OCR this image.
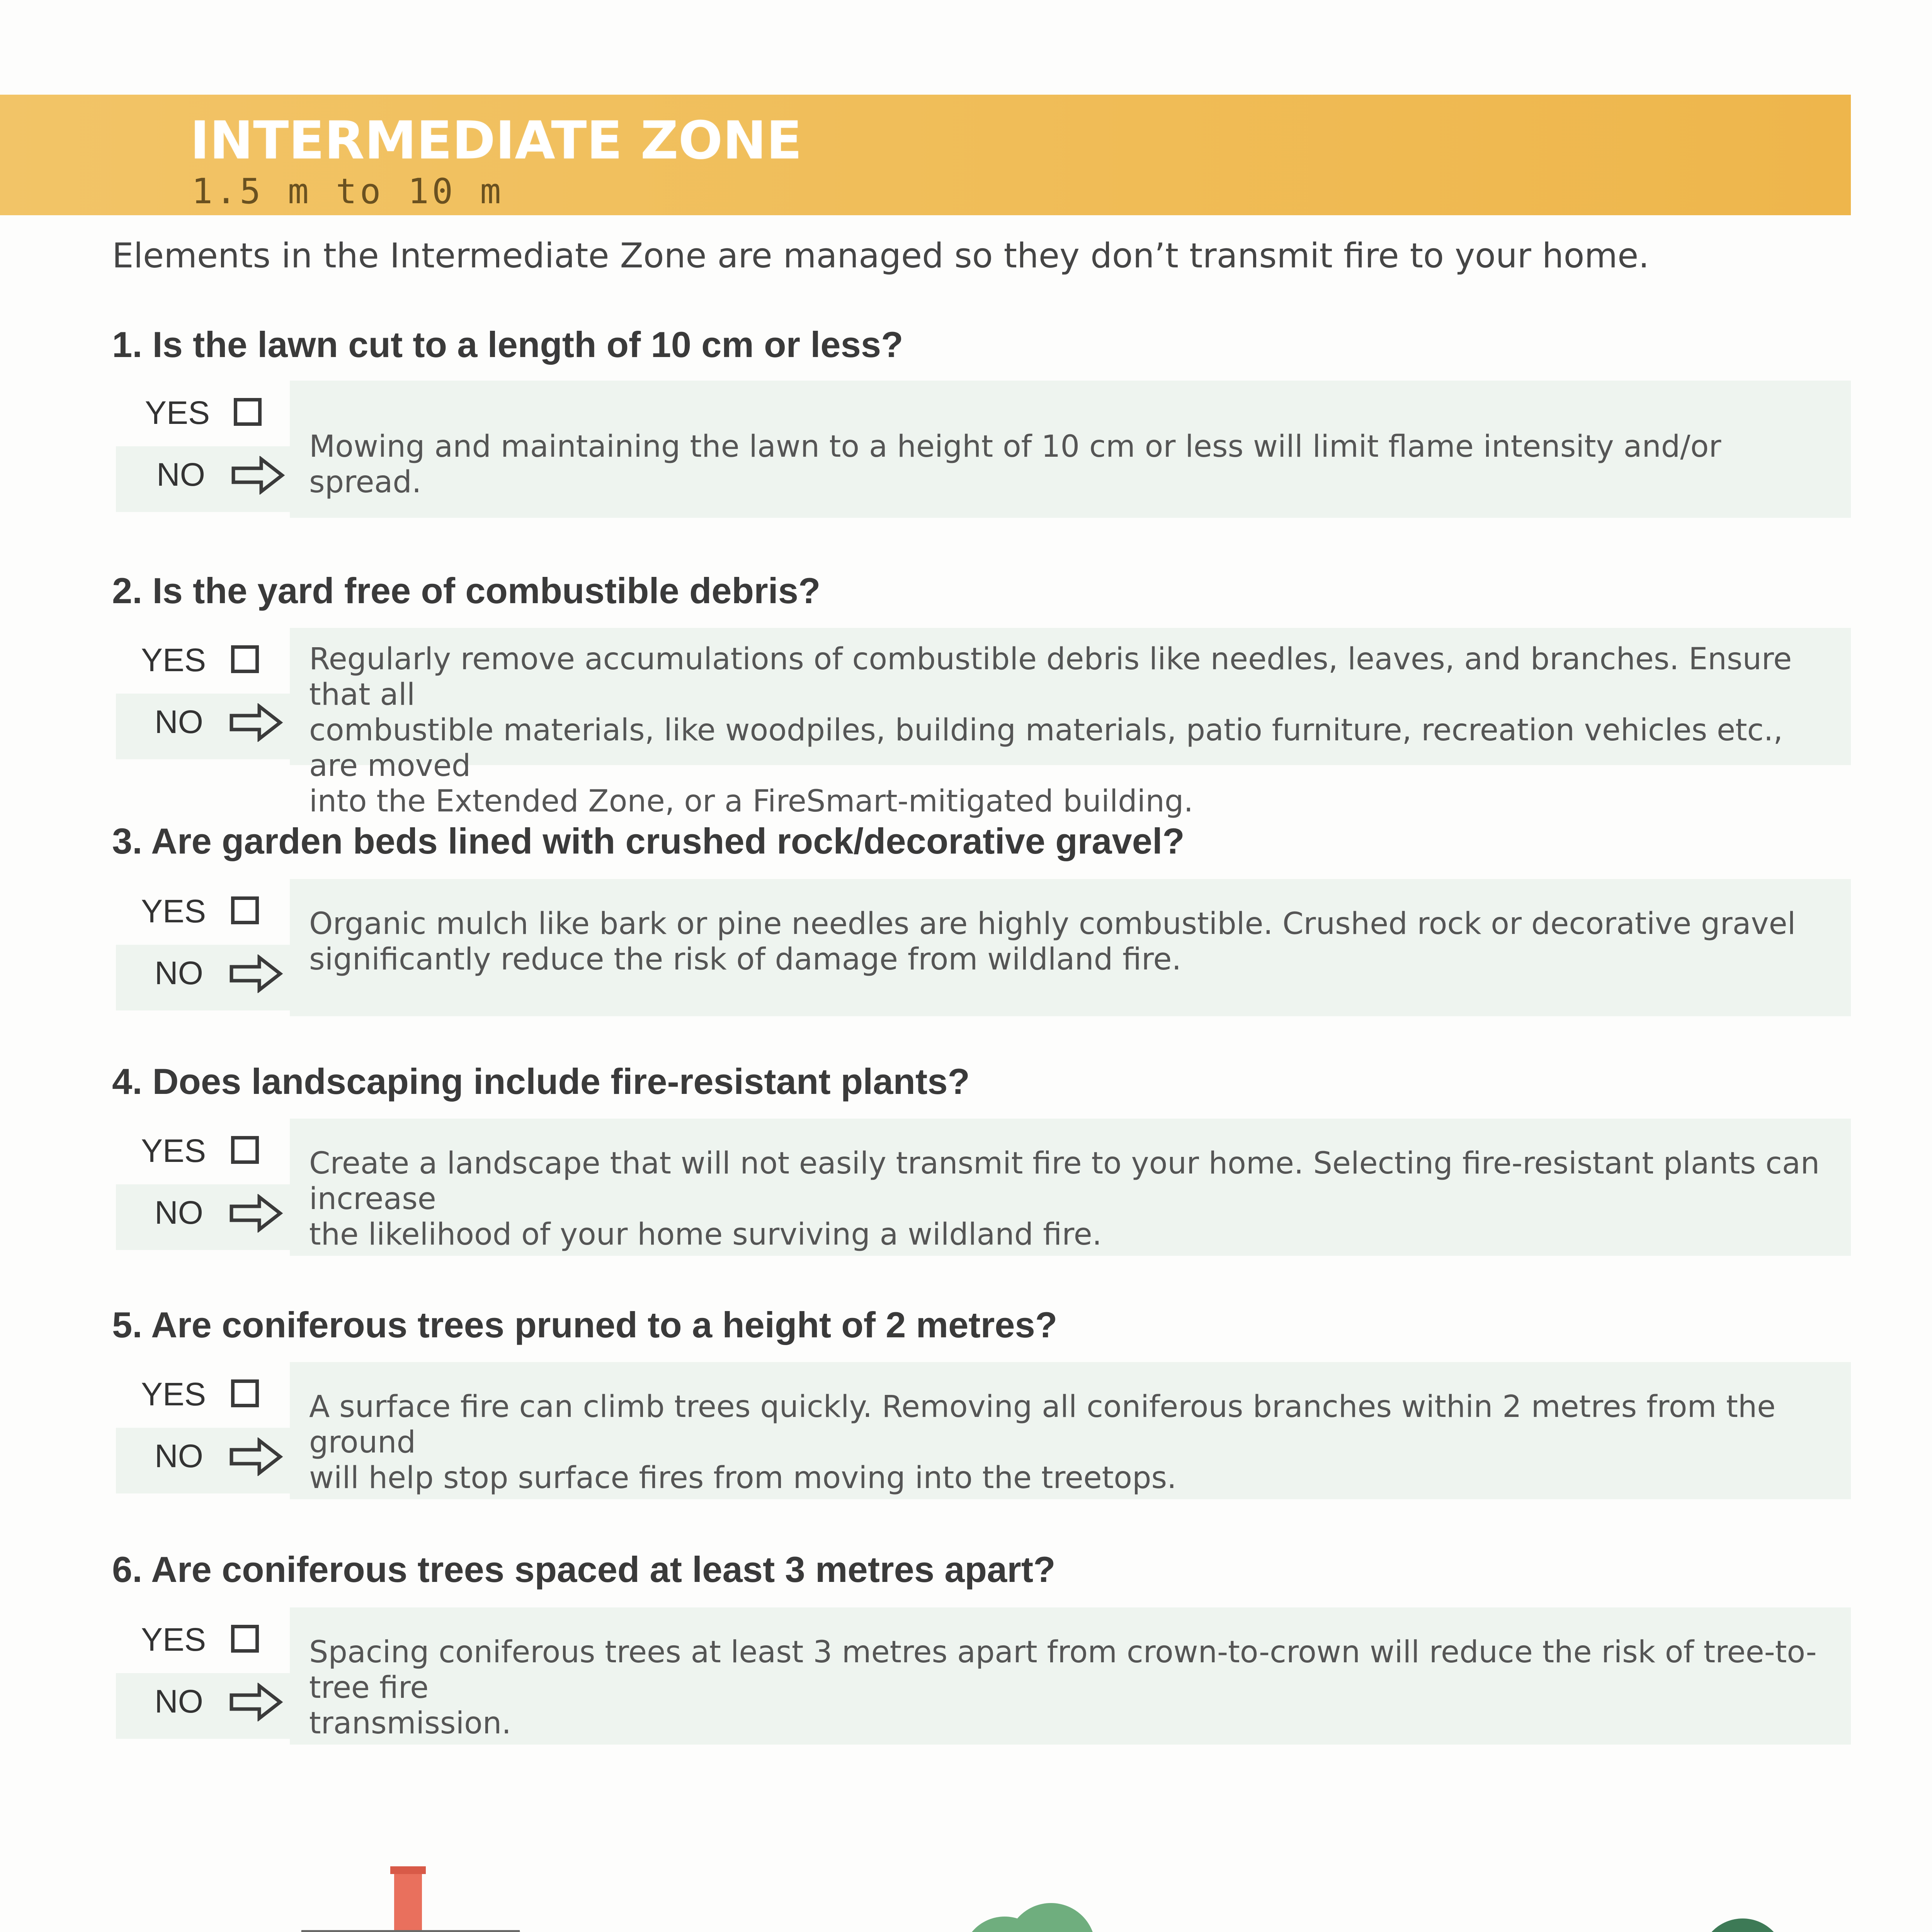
INTERMEDIATE ZONE
1.5 m to 10 m
Elements in the Intermediate Zone are managed so they don’t transmit fire to your home.
1. Is the lawn cut to a length of 10 cm or less?
YES
NO
Mowing and maintaining the lawn to a height of 10 cm or less will limit flame intensity and/or spread.
2. Is the yard free of combustible debris?
YES
NO
Regularly remove accumulations of combustible debris like needles, leaves, and branches. Ensure that all
combustible materials, like woodpiles, building materials, patio furniture, recreation vehicles etc., are moved
into the Extended Zone, or a FireSmart-mitigated building.
3. Are garden beds lined with crushed rock/decorative gravel?
YES
NO
Organic mulch like bark or pine needles are highly combustible. Crushed rock or decorative gravel
significantly reduce the risk of damage from wildland fire.
4. Does landscaping include fire-resistant plants?
YES
NO
Create a landscape that will not easily transmit fire to your home. Selecting fire-resistant plants can increase
the likelihood of your home surviving a wildland fire.
5. Are coniferous trees pruned to a height of 2 metres?
YES
NO
A surface fire can climb trees quickly. Removing all coniferous branches within 2 metres from the ground
will help stop surface fires from moving into the treetops.
6. Are coniferous trees spaced at least 3 metres apart?
YES
NO
Spacing coniferous trees at least 3 metres apart from crown-to-crown will reduce the risk of tree-to-tree fire
transmission.
